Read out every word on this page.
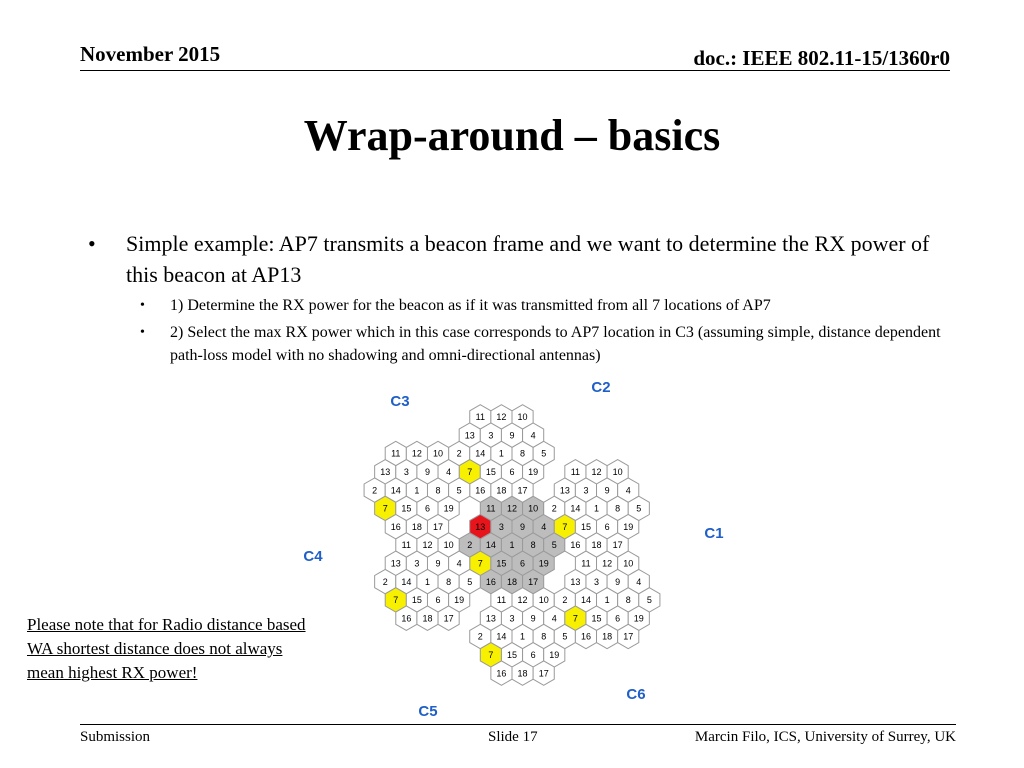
November 2015	doc.: IEEE 802.11-15/1360r0
Wrap-around – basics
• Simple example: AP7 transmits a beacon frame and we want to determine the RX power of this beacon at AP13
• 1) Determine the RX power for the beacon as if it was transmitted from all 7 locations of AP7
• 2) Select the max RX power which in this case corresponds to AP7 location in C3 (assuming simple, distance dependent path-loss model with no shadowing and omni-directional antennas)
11 12 10
13 3 9 4
2 14 1 8 5
7 15 6 19
16 18 17
11 12 10
13 3 9 4
2 14 1 8 5
7 15 6 19
16 18 17
11 12 10
13 3 9 4
2 14 1 8 5
7 15 6 19
16 18 17
11 12 10
13 3 9 4
2 14 1 8 5
7 15 6 19
16 18 17
11 12 10
13 3 9 4
2 14 1 8 5
7 15 6 19
16 18 17
11 12 10
13 3 9 4
2 14 1 8 5
7 15 6 19
16 18 17
11 12 10
13 3 9 4
2 14 1 8 5
7 15 6 19
16 18 17
C1
C2
C3
C4
C5
C6
Please note that for Radio distance based WA shortest distance does not always mean highest RX power!
Submission	Slide 17	Marcin Filo, ICS, University of Surrey, UK
